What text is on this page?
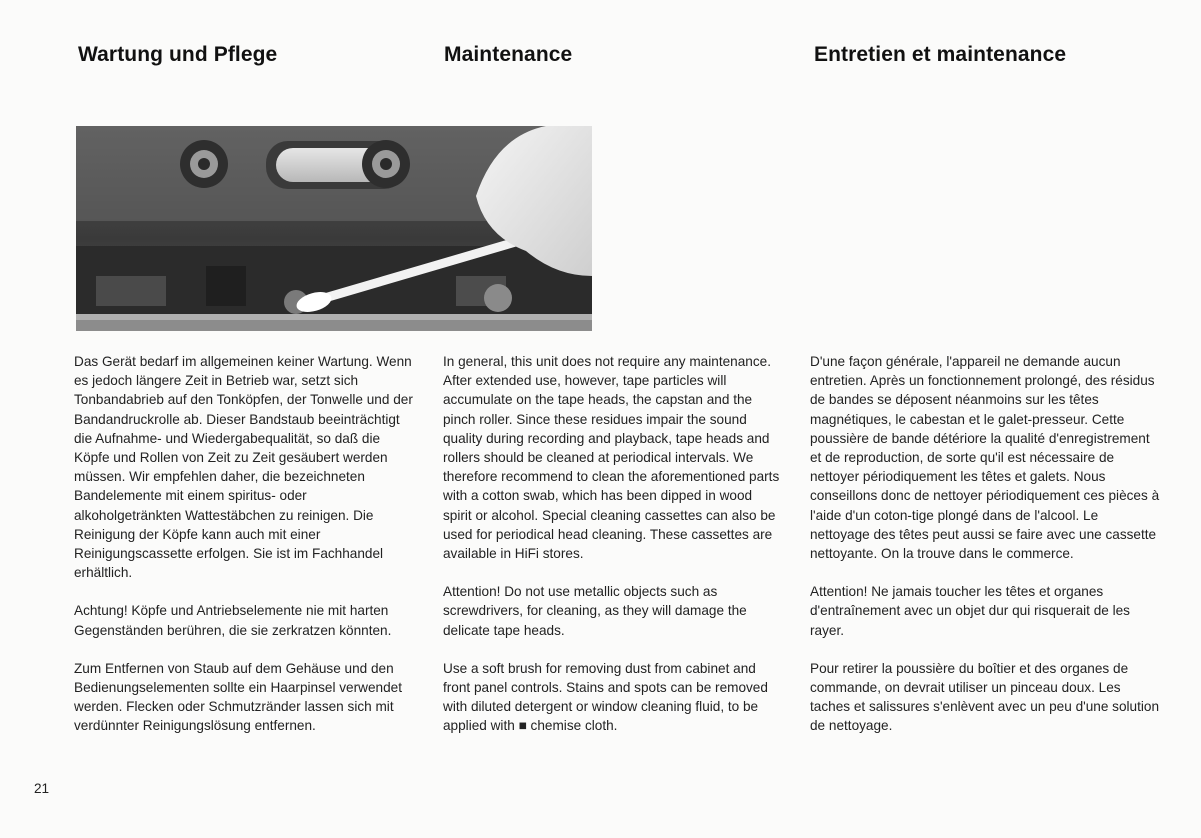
Wartung und Pflege	Maintenance	Entretien et maintenance

Das Gerät bedarf im allgemeinen keiner Wartung. Wenn es jedoch längere Zeit in Betrieb war, setzt sich Tonbandabrieb auf den Tonköpfen, der Tonwelle und der Bandandruckrolle ab. Dieser Bandstaub beeinträchtigt die Aufnahme- und Wiedergabequalität, so daß die Köpfe und Rollen von Zeit zu Zeit gesäubert werden müssen. Wir empfehlen daher, die bezeichneten Bandelemente mit einem spiritus- oder alkoholgetränkten Wattestäbchen zu reinigen. Die Reinigung der Köpfe kann auch mit einer Reinigungscassette erfolgen. Sie ist im Fachhandel erhältlich.

Achtung! Köpfe und Antriebselemente nie mit harten Gegenständen berühren, die sie zerkratzen könnten.

Zum Entfernen von Staub auf dem Gehäuse und den Bedienungselementen sollte ein Haarpinsel verwendet werden. Flecken oder Schmutzränder lassen sich mit verdünnter Reinigungslösung entfernen.

In general, this unit does not require any maintenance. After extended use, however, tape particles will accumulate on the tape heads, the capstan and the pinch roller. Since these residues impair the sound quality during recording and playback, tape heads and rollers should be cleaned at periodical intervals. We therefore recommend to clean the aforementioned parts with a cotton swab, which has been dipped in wood spirit or alcohol. Special cleaning cassettes can also be used for periodical head cleaning. These cassettes are available in HiFi stores.

Attention! Do not use metallic objects such as screwdrivers, for cleaning, as they will damage the delicate tape heads.

Use a soft brush for removing dust from cabinet and front panel controls. Stains and spots can be removed with diluted detergent or window cleaning fluid, to be applied with ■ chemise cloth.

D'une façon générale, l'appareil ne demande aucun entretien. Après un fonctionnement prolongé, des résidus de bandes se déposent néanmoins sur les têtes magnétiques, le cabestan et le galet-presseur. Cette poussière de bande détériore la qualité d'enregistrement et de reproduction, de sorte qu'il est nécessaire de nettoyer périodiquement les têtes et galets. Nous conseillons donc de nettoyer périodiquement ces pièces à l'aide d'un coton-tige plongé dans de l'alcool. Le nettoyage des têtes peut aussi se faire avec une cassette nettoyante. On la trouve dans le commerce.

Attention! Ne jamais toucher les têtes et organes d'entraînement avec un objet dur qui risquerait de les rayer.

Pour retirer la poussière du boîtier et des organes de commande, on devrait utiliser un pinceau doux. Les taches et salissures s'enlèvent avec un peu d'une solution de nettoyage.

21
